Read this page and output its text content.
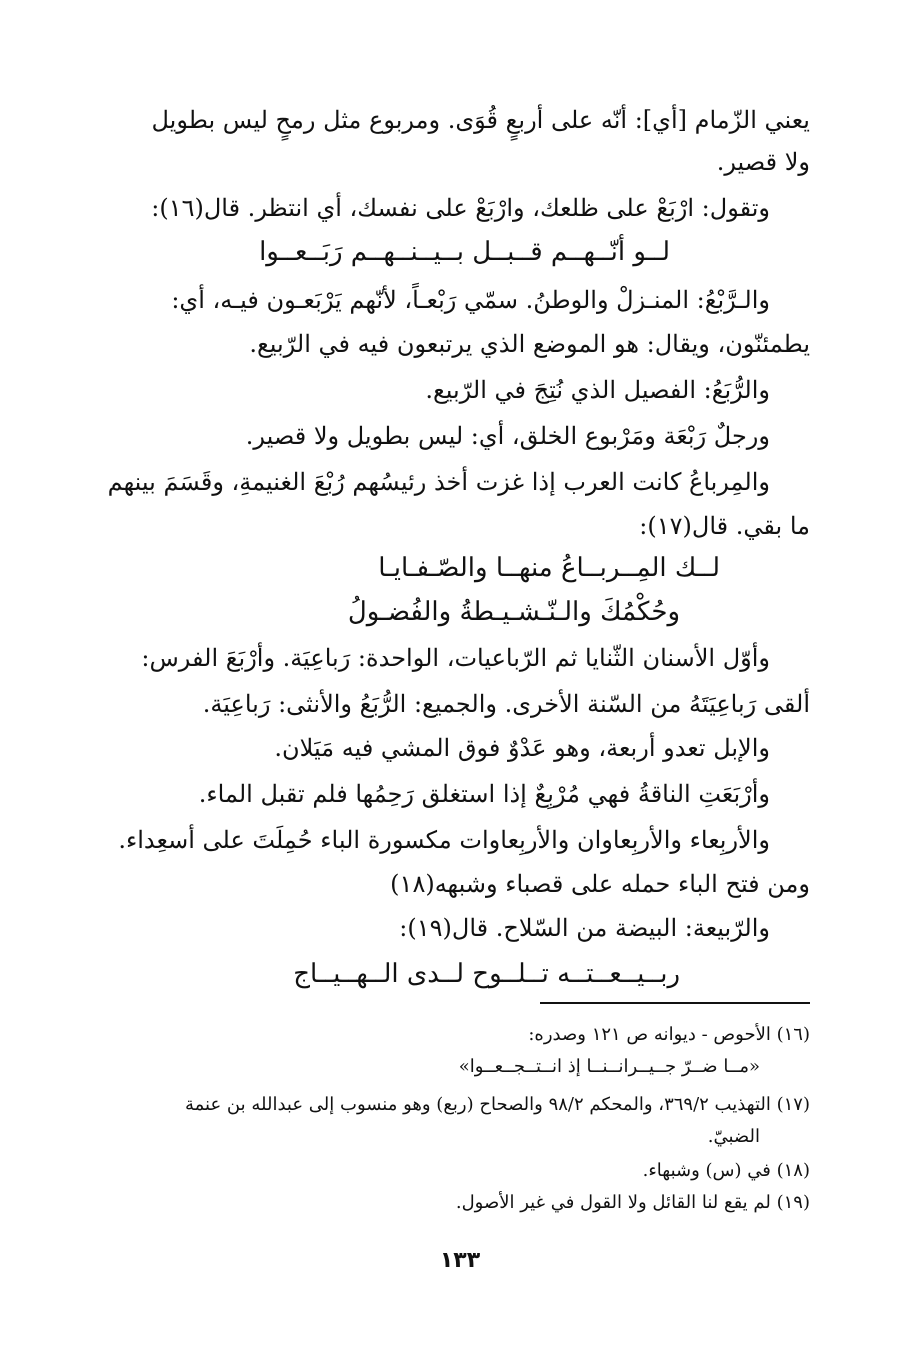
يعني الزّمام [أي]: أنّه على أربعٍ قُوَى. ومربوع مثل رمحٍ ليس بطويل
ولا قصير.
وتقول: ارْبَعْ على ظلعك، وارْبَعْ على نفسك، أي انتظر. قال(١٦):
لــو أنّــهــم قــبــل بــيــنــهــم رَبَــعــوا
والـرَّبْعُ: المنـزلْ والوطنُ. سمّي رَبْعـاً، لأنّهم يَرْبَعـون فيـه، أي:
يطمئنّون، ويقال: هو الموضع الذي يرتبعون فيه في الرّبيع.
والرُّبَعُ: الفصيل الذي نُتِجَ في الرّبيع.
ورجلٌ رَبْعَة ومَرْبوع الخلق، أي: ليس بطويل ولا قصير.
والمِرباعُ كانت العرب إذا غزت أخذ رئيسُهم رُبْعَ الغنيمةِ، وقَسَمَ بينهم
ما بقي. قال(١٧):
لــك المِــربــاعُ منهــا والصّـفـايـا
وحُكْمُكَ والـنّـشـيـطةُ والفُضـولُ
وأوّل الأسنان الثّنايا ثم الرّباعيات، الواحدة: رَباعِيَة. وأرْبَعَ الفرس:
ألقى رَباعِيَتَهُ من السّنة الأخرى. والجميع: الرُّبَعُ والأنثى: رَباعِيَة.
والإبل تعدو أربعة، وهو عَدْوٌ فوق المشي فيه مَيَلان.
وأرْبَعَتِ الناقةُ فهي مُرْبِعٌ إذا استغلق رَحِمُها فلم تقبل الماء.
والأربِعاء والأربِعاوان والأربِعاوات مكسورة الباء حُمِلَتَ على أسعِداء.
ومن فتح الباء حمله على قصباء وشبهه(١٨)
والرّبيعة: البيضة من السّلاح. قال(١٩):
ربــيــعــتــه تــلــوح لــدى الــهــيــاج
(١٦) الأحوص - ديوانه ص ١٢١ وصدره:
«مــا ضــرّ جــيــرانــنــا إذ انــتــجــعــوا»
(١٧) التهذيب ٣٦٩/٢، والمحكم ٩٨/٢ والصحاح (ربع) وهو منسوب إلى عبدالله بن عنمة
الضبيّ.
(١٨) في (س) وشبهاء.
(١٩) لم يقع لنا القائل ولا القول في غير الأصول.
١٣٣
